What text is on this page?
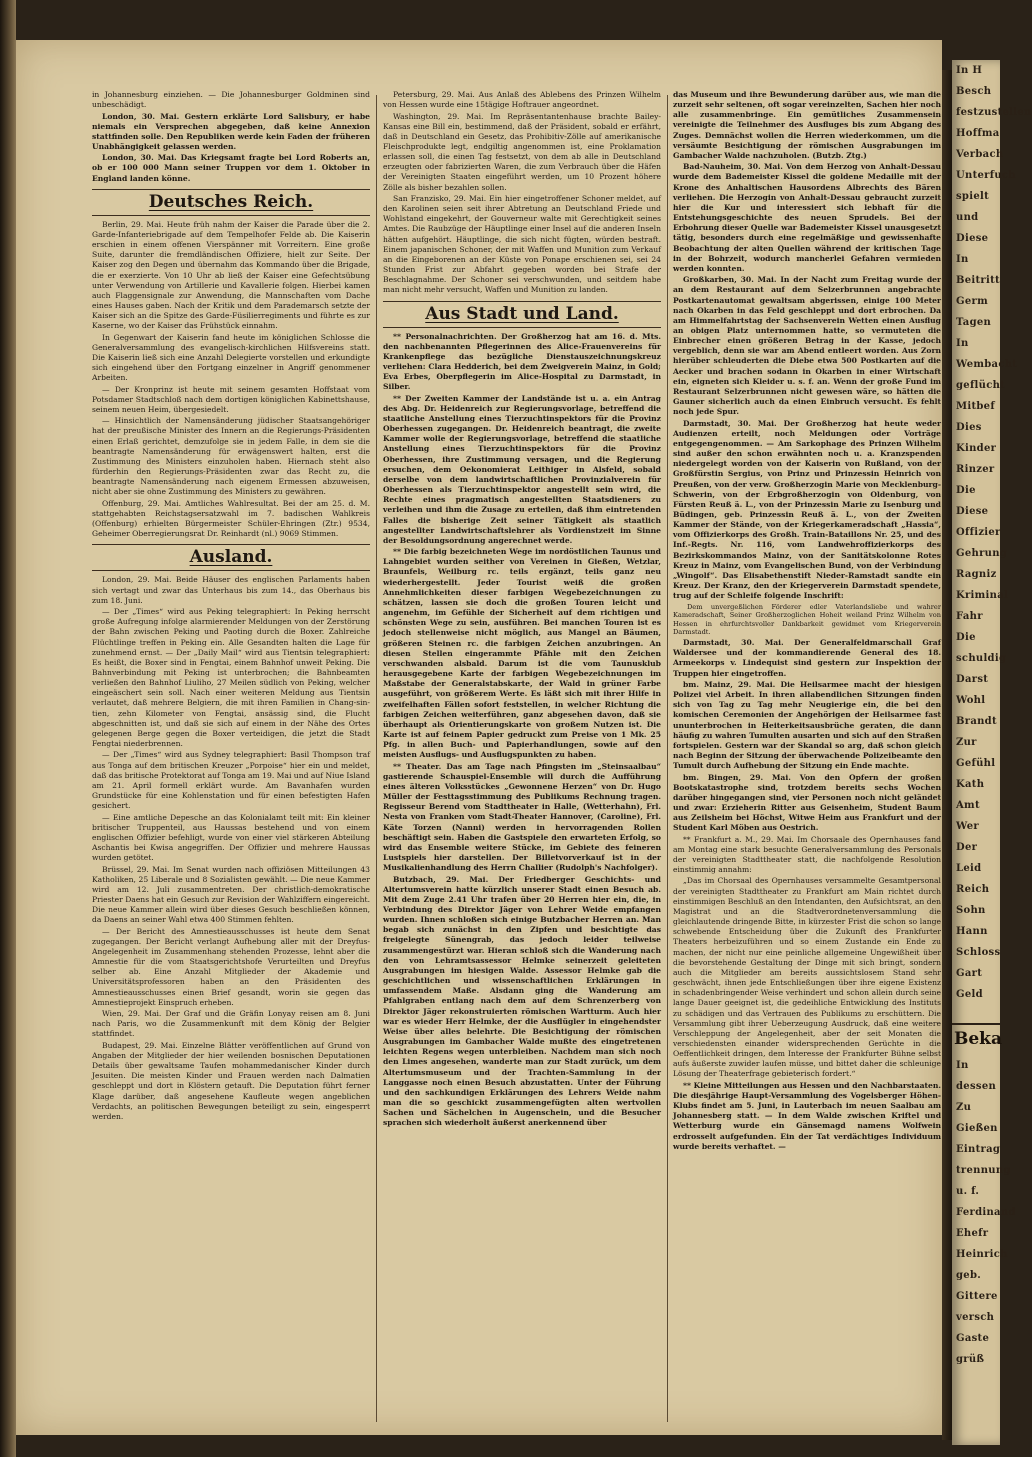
in Johannesburg einziehen. — Die Johannesburger Goldminen sind unbeschädigt.

London, 30. Mai. Gestern erklärte Lord Salisbury, er habe niemals ein Versprechen abgegeben, daß keine Annexion stattfinden solle. Den Republiken werde kein Faden der früheren Unabhängigkeit gelassen werden.

London, 30. Mai. Das Kriegsamt fragte bei Lord Roberts an, ob er 100 000 Mann seiner Truppen vor dem 1. Oktober in England landen könne.

Deutsches Reich.

Berlin, 29. Mai. Heute früh nahm der Kaiser die Parade über die 2. Garde-Infanteriebrigade auf dem Tempelhofer Felde ab. Die Kaiserin erschien in einem offenen Vierspänner mit Vorreitern. Eine große Suite, darunter die fremdländischen Offiziere, hielt zur Seite. Der Kaiser zog den Degen und übernahm das Kommando über die Brigade, die er exerzierte. Von 10 Uhr ab ließ der Kaiser eine Gefechtsübung unter Verwendung von Artillerie und Kavallerie folgen. Hierbei kamen auch Flaggensignale zur Anwendung, die Mannschaften vom Dache eines Hauses gaben. Nach der Kritik und dem Parademarsch setzte der Kaiser sich an die Spitze des Garde-Füsilierregiments und führte es zur Kaserne, wo der Kaiser das Frühstück einnahm.

In Gegenwart der Kaiserin fand heute im königlichen Schlosse die Generalversammlung des evangelisch-kirchlichen Hilfsvereins statt. Die Kaiserin ließ sich eine Anzahl Delegierte vorstellen und erkundigte sich eingehend über den Fortgang einzelner in Angriff genommener Arbeiten.

— Der Kronprinz ist heute mit seinem gesamten Hoffstaat vom Potsdamer Stadtschloß nach dem dortigen königlichen Kabinettshause, seinem neuen Heim, übergesiedelt.

— Hinsichtlich der Namensänderung jüdischer Staatsangehöriger hat der preußische Minister des Innern an die Regierungs-Präsidenten einen Erlaß gerichtet, demzufolge sie in jedem Falle, in dem sie die beantragte Namensänderung für erwägenswert halten, erst die Zustimmung des Ministers einzuholen haben. Hiernach steht also fürderhin den Regierungs-Präsidenten zwar das Recht zu, die beantragte Namensänderung nach eigenem Ermessen abzuweisen, nicht aber sie ohne Zustimmung des Ministers zu gewähren.

Offenburg, 29. Mai. Amtliches Wahlresultat. Bei der am 25. d. M. stattgehabten Reichstagsersatzwahl im 7. badischen Wahlkreis (Offenburg) erhielten Bürgermeister Schüler-Ehringen (Ztr.) 9534, Geheimer Oberregierungsrat Dr. Reinhardt (nl.) 9069 Stimmen.

Ausland.

London, 29. Mai. Beide Häuser des englischen Parlaments haben sich vertagt und zwar das Unterhaus bis zum 14., das Oberhaus bis zum 18. Juni.

— Der „Times“ wird aus Peking telegraphiert: In Peking herrscht große Aufregung infolge alarmierender Meldungen von der Zerstörung der Bahn zwischen Peking und Paoting durch die Boxer. Zahlreiche Flüchtlinge treffen in Peking ein. Alle Gesandten halten die Lage für zunehmend ernst. — Der „Daily Mail“ wird aus Tientsin telegraphiert: Es heißt, die Boxer sind in Fengtai, einem Bahnhof unweit Peking. Die Bahnverbindung mit Peking ist unterbrochen; die Bahnbeamten verließen den Bahnhof Liuliho, 27 Meilen südlich von Peking, welcher eingeäschert sein soll. Nach einer weiteren Meldung aus Tientsin verlautet, daß mehrere Belgiern, die mit ihren Familien in Chang-sin-tien, zehn Kilometer von Fengtai, ansässig sind, die Flucht abgeschnitten ist, und daß sie sich auf einem in der Nähe des Ortes gelegenen Berge gegen die Boxer verteidigen, die jetzt die Stadt Fengtai niederbrennen.

— Der „Times“ wird aus Sydney telegraphiert: Basil Thompson traf aus Tonga auf dem britischen Kreuzer „Porpoise“ hier ein und meldet, daß das britische Protektorat auf Tonga am 19. Mai und auf Niue Island am 21. April formell erklärt wurde. Am Bavanhafen wurden Grundstücke für eine Kohlenstation und für einen befestigten Hafen gesichert.

— Eine amtliche Depesche an das Kolonialamt teilt mit: Ein kleiner britischer Truppenteil, aus Haussas bestehend und von einem englischen Offizier befehligt, wurde von einer viel stärkeren Abteilung Aschantis bei Kwisa angegriffen. Der Offizier und mehrere Haussas wurden getötet.

Brüssel, 29. Mai. Im Senat wurden nach offiziösen Mitteilungen 43 Katholiken, 25 Liberale und 8 Sozialisten gewählt. — Die neue Kammer wird am 12. Juli zusammentreten. Der christlich-demokratische Priester Daens hat ein Gesuch zur Revision der Wahlziffern eingereicht. Die neue Kammer allein wird über dieses Gesuch beschließen können, da Daens an seiner Wahl etwa 400 Stimmen fehlten.

— Der Bericht des Amnestieausschusses ist heute dem Senat zugegangen. Der Bericht verlangt Aufhebung aller mit der Dreyfus-Angelegenheit im Zusammenhang stehenden Prozesse, lehnt aber die Amnestie für die vom Staatsgerichtshofe Verurteilten und Dreyfus selber ab. Eine Anzahl Mitglieder der Akademie und Universitätsprofessoren haben an den Präsidenten des Amnestieausschusses einen Brief gesandt, worin sie gegen das Amnestieprojekt Einspruch erheben.

Wien, 29. Mai. Der Graf und die Gräfin Lonyay reisen am 8. Juni nach Paris, wo die Zusammenkunft mit dem König der Belgier stattfindet.

Budapest, 29. Mai. Einzelne Blätter veröffentlichen auf Grund von Angaben der Mitglieder der hier weilenden bosnischen Deputationen Details über gewaltsame Taufen mohammedanischer Kinder durch Jesuiten. Die meisten Kinder und Frauen werden nach Dalmatien geschleppt und dort in Klöstern getauft. Die Deputation führt ferner Klage darüber, daß angesehene Kaufleute wegen angeblichen Verdachts, an politischen Bewegungen beteiligt zu sein, eingesperrt werden.

Petersburg, 29. Mai. Aus Anlaß des Ablebens des Prinzen Wilhelm von Hessen wurde eine 15tägige Hoftrauer angeordnet.

Washington, 29. Mai. Im Repräsentantenhause brachte Bailey-Kansas eine Bill ein, bestimmend, daß der Präsident, sobald er erfährt, daß in Deutschland ein Gesetz, das Prohibitiv-Zölle auf amerikanische Fleischprodukte legt, endgiltig angenommen ist, eine Proklamation erlassen soll, die einen Tag festsetzt, von dem ab alle in Deutschland erzeugten oder fabrizierten Waren, die zum Verbrauch über die Häfen der Vereinigten Staaten eingeführt werden, um 10 Prozent höhere Zölle als bisher bezahlen sollen.

San Franzisko, 29. Mai. Ein hier eingetroffener Schoner meldet, auf den Karolinen seien seit ihrer Abtretung an Deutschland Friede und Wohlstand eingekehrt, der Gouverneur walte mit Gerechtigkeit seines Amtes. Die Raubzüge der Häuptlinge einer Insel auf die anderen Inseln hätten aufgehört. Häuptlinge, die sich nicht fügten, würden bestraft. Einem japanischen Schoner, der mit Waffen und Munition zum Verkauf an die Eingeborenen an der Küste von Ponape erschienen sei, sei 24 Stunden Frist zur Abfahrt gegeben worden bei Strafe der Beschlagnahme. Der Schoner sei verschwunden, und seitdem habe man nicht mehr versucht, Waffen und Munition zu landen.

Aus Stadt und Land.

** Personalnachrichten. Der Großherzog hat am 16. d. Mts. den nachbenannten Pflegerinnen des Alice-Frauenvereins für Krankenpflege das bezügliche Dienstauszeichnungskreuz verliehen: Clara Hedderich, bei dem Zweigverein Mainz, in Gold; Eva Erbes, Oberpflegerin im Alice-Hospital zu Darmstadt, in Silber.

** Der Zweiten Kammer der Landstände ist u. a. ein Antrag des Abg. Dr. Heidenreich zur Regierungsvorlage, betreffend die staatliche Anstellung eines Tierzuchtinspektors für die Provinz Oberhessen zugegangen. Dr. Heidenreich beantragt, die zweite Kammer wolle der Regierungsvorlage, betreffend die staatliche Anstellung eines Tierzuchtinspektors für die Provinz Oberhessen, ihre Zustimmung versagen, und die Regierung ersuchen, dem Oekonomierat Leithiger in Alsfeld, sobald derselbe von dem landwirtschaftlichen Provinzialverein für Oberhessen als Tierzuchtinspektor angestellt sein wird, die Rechte eines pragmatisch angestellten Staatsdieners zu verleihen und ihm die Zusage zu erteilen, daß ihm eintretenden Falles die bisherige Zeit seiner Tätigkeit als staatlich angestellter Landwirtschaftslehrer als Vordienstzeit im Sinne der Besoldungsordnung angerechnet werde.

** Die farbig bezeichneten Wege im nordöstlichen Taunus und Lahngebiet wurden seither von Vereinen in Gießen, Wetzlar, Braunfels, Weilburg rc. teils ergänzt, teils ganz neu wiederhergestellt. Jeder Tourist weiß die großen Annehmlichkeiten dieser farbigen Wegebezeichnungen zu schätzen, lassen sie doch die großen Touren leicht und angenehm, im Gefühle der Sicherheit auf dem richtigen und schönsten Wege zu sein, ausführen. Bei manchen Touren ist es jedoch stellenweise nicht möglich, aus Mangel an Bäumen, größeren Steinen rc. die farbigen Zeichen anzubringen. An diesen Stellen eingerammte Pfähle mit den Zeichen verschwanden alsbald. Darum ist die vom Taunusklub herausgegebene Karte der farbigen Wegebezeichnungen im Maßstabe der Generalstabskarte, der Wald in grüner Farbe ausgeführt, von größerem Werte. Es läßt sich mit ihrer Hilfe in zweifelhaften Fällen sofort feststellen, in welcher Richtung die farbigen Zeichen weiterführen, ganz abgesehen davon, daß sie überhaupt als Orientierungskarte von großem Nutzen ist. Die Karte ist auf feinem Papier gedruckt zum Preise von 1 Mk. 25 Pfg. in allen Buch- und Papierhandlungen, sowie auf den meisten Ausflugs- und Ausflugspunkten zu haben.

** Theater. Das am Tage nach Pfingsten im „Steinsaalbau“ gastierende Schauspiel-Ensemble will durch die Aufführung eines älteren Volksstückes „Gewonnene Herzen“ von Dr. Hugo Müller der Festtagsstimmung des Publikums Rechnung tragen. Regisseur Berend vom Stadttheater in Halle, (Wetterhahn), Frl. Nesta von Franken vom Stadt-Theater Hannover, (Caroline), Frl. Käte Torzen (Nanni) werden in hervorragenden Rollen beschäftigt sein. Haben die Gastspiele den erwarteten Erfolg, so wird das Ensemble weitere Stücke, im Gebiete des feineren Lustspiels hier darstellen. Der Billetvorverkauf ist in der Musikalienhandlung des Herrn Challier (Rudolph's Nachfolger).

Butzbach, 29. Mai. Der Friedberger Geschichts- und Altertumsverein hatte kürzlich unserer Stadt einen Besuch ab. Mit dem Zuge 2.41 Uhr trafen über 20 Herren hier ein, die, in Verbindung des Direktor Jäger von Lehrer Weide empfangen wurden. Ihnen schloßen sich einige Butzbacher Herren an. Man begab sich zunächst in den Zipfen und besichtigte das freigelegte Sünengrab, das jedoch leider teilweise zusammengestürzt war. Hieran schloß sich die Wanderung nach den von Lehramtsassessor Helmke seinerzeit geleiteten Ausgrabungen im hiesigen Walde. Assessor Helmke gab die geschichtlichen und wissenschaftlichen Erklärungen in umfassendem Maße. Alsdann ging die Wanderung am Pfahlgraben entlang nach dem auf dem Schrenzerberg von Direktor Jäger rekonstruierten römischen Wartturm. Auch hier war es wieder Herr Helmke, der die Ausflügler in eingehendster Weise über alles belehrte. Die Besichtigung der römischen Ausgrabungen im Gambacher Walde mußte des eingetretenen leichten Regens wegen unterbleiben. Nachdem man sich noch den Limes angesehen, wanderte man zur Stadt zurück, um dem Altertumsmuseum und der Trachten-Sammlung in der Langgasse noch einen Besuch abzustatten. Unter der Führung und den sachkundigen Erklärungen des Lehrers Weide nahm man die so geschickt zusammengefügten alten wertvollen Sachen und Sächelchen in Augenschein, und die Besucher sprachen sich wiederholt äußerst anerkennend über

das Museum und ihre Bewunderung darüber aus, wie man die zurzeit sehr seltenen, oft sogar vereinzelten, Sachen hier noch alle zusammenbringe. Ein gemütliches Zusammensein vereinigte die Teilnehmer des Ausfluges bis zum Abgang des Zuges. Demnächst wollen die Herren wiederkommen, um die versäumte Besichtigung der römischen Ausgrabungen im Gambacher Walde nachzuholen. (Butzb. Ztg.)

Bad-Nauheim, 30. Mai. Von dem Herzog von Anhalt-Dessau wurde dem Bademeister Kissel die goldene Medaille mit der Krone des Anhaltischen Hausordens Albrechts des Bären verliehen. Die Herzogin von Anhalt-Dessau gebraucht zurzeit hier die Kur und interessiert sich lebhaft für die Entstehungsgeschichte des neuen Sprudels. Bei der Erbohrung dieser Quelle war Bademeister Kissel unausgesetzt tätig, besonders durch eine regelmäßige und gewissenhafte Beobachtung der alten Quellen während der kritischen Tage in der Bohrzeit, wodurch mancherlei Gefahren vermieden werden konnten.

Großkarben, 30. Mai. In der Nacht zum Freitag wurde der an dem Restaurant auf dem Selzerbrunnen angebrachte Postkartenautomat gewaltsam abgerissen, einige 100 Meter nach Okarben in das Feld geschleppt und dort erbrochen. Da am Himmelfahrtstag der Sachsenverein Wetten einen Ausflug an obigen Platz unternommen hatte, so vermuteten die Einbrecher einen größeren Betrag in der Kasse, jedoch vergeblich, denn sie war am Abend entleert worden. Aus Zorn hierüber schleuderten die Diebe etwa 500 Postkarten auf die Aecker und brachen sodann in Okarben in einer Wirtschaft ein, eigneten sich Kleider u. s. f. an. Wenn der große Fund im Restaurant Selzerbrunnen nicht gewesen wäre, so hätten die Gauner sicherlich auch da einen Einbruch versucht. Es fehlt noch jede Spur.

Darmstadt, 30. Mai. Der Großherzog hat heute weder Audienzen erteilt, noch Meldungen oder Vorträge entgegengenommen. — Am Sarkophage des Prinzen Wilhelm sind außer den schon erwähnten noch u. a. Kranzspenden niedergelegt worden von der Kaiserin von Rußland, von der Großfürstin Sergius, von Prinz und Prinzessin Heinrich von Preußen, von der verw. Großherzogin Marie von Mecklenburg-Schwerin, von der Erbgroßherzogin von Oldenburg, von Fürsten Reuß ä. L., von der Prinzessin Marie zu Isenburg und Büdingen, geb. Prinzessin Reuß ä. L., von der Zweiten Kammer der Stände, von der Kriegerkameradschaft „Hassia“, vom Offizierkorps des Großh. Train-Bataillons Nr. 25, und des Inf.-Regts. Nr. 116, vom Landwehroffizierkorps des Bezirkskommandos Mainz, von der Sanitätskolonne Rotes Kreuz in Mainz, vom Evangelischen Bund, von der Verbindung „Wingolf“. Das Elisabethenstift Nieder-Ramstadt sandte ein Kreuz. Der Kranz, den der Kriegerverein Darmstadt spendete, trug auf der Schleife folgende Inschrift:

Dem unvergeßlichen Förderer edler Vaterlandsliebe und wahrer Kameradschaft, Seiner Großherzoglichen Hoheit weiland Prinz Wilhelm von Hessen in ehrfurchtsvoller Dankbarkeit gewidmet vom Kriegerverein Darmstadt.

Darmstadt, 30. Mai. Der Generalfeldmarschall Graf Waldersee und der kommandierende General des 18. Armeekorps v. Lindequist sind gestern zur Inspektion der Truppen hier eingetroffen.

bm. Mainz, 29. Mai. Die Heilsarmee macht der hiesigen Polizei viel Arbeit. In ihren allabendlichen Sitzungen finden sich von Tag zu Tag mehr Neugierige ein, die bei den komischen Ceremonien der Angehörigen der Heilsarmee fast ununterbrochen in Heiterkeitsausbrüche geraten, die dann häufig zu wahren Tumulten ausarten und sich auf den Straßen fortspielen. Gestern war der Skandal so arg, daß schon gleich nach Beginn der Sitzung der überwachende Polizeibeamte den Tumult durch Aufhebung der Sitzung ein Ende machte.

bm. Bingen, 29. Mai. Von den Opfern der großen Bootskatastrophe sind, trotzdem bereits sechs Wochen darüber hingegangen sind, vier Personen noch nicht geländet und zwar: Erzieherin Ritter aus Geisenheim, Student Baum aus Zeilsheim bei Höchst, Witwe Heim aus Frankfurt und der Student Karl Möben aus Oestrich.

** Frankfurt a. M., 29. Mai. Im Chorsaale des Opernhauses fand am Montag eine stark besuchte Generalversammlung des Personals der vereinigten Stadttheater statt, die nachfolgende Resolution einstimmig annahm:

„Das im Chorsaal des Opernhauses versammelte Gesamtpersonal der vereinigten Stadttheater zu Frankfurt am Main richtet durch einstimmigen Beschluß an den Intendanten, den Aufsichtsrat, an den Magistrat und an die Stadtverordnetenversammlung die gleichlautende dringende Bitte, in kürzester Frist die schon so lange schwebende Entscheidung über die Zukunft des Frankfurter Theaters herbeizuführen und so einem Zustande ein Ende zu machen, der nicht nur eine peinliche allgemeine Ungewißheit über die bevorstehende Gestaltung der Dinge mit sich bringt, sondern auch die Mitglieder am bereits aussichtslosem Stand sehr geschwächt, ihnen jede Entschließungen über ihre eigene Existenz in schadenbringender Weise verhindert und schon allein durch seine lange Dauer geeignet ist, die gedeihliche Entwicklung des Instituts zu schädigen und das Vertrauen des Publikums zu erschüttern. Die Versammlung gibt ihrer Ueberzeugung Ausdruck, daß eine weitere Verschleppung der Angelegenheit, aber der seit Monaten die verschiedensten einander widersprechenden Gerüchte in die Oeffentlichkeit dringen, dem Interesse der Frankfurter Bühne selbst aufs äußerste zuwider laufen müsse, und bittet daher die schleunige Lösung der Theaterfrage gebieterisch fordert.“

** Kleine Mitteilungen aus Hessen und den Nachbarstaaten. Die diesjährige Haupt-Versammlung des Vogelsberger Höhen-Klubs findet am 5. Juni, in Lauterbach im neuen Saalbau am Johannesberg statt. — In dem Walde zwischen Kriftel und Wetterburg wurde ein Gänsemagd namens Wolfwein erdrosselt aufgefunden. Ein der Tat verdächtiges Individuum wurde bereits verhaftet. —

In H
Besch
festzustellen
Hoffma
Verbach
Unterfuch
spielt
und
Diese
In
Beitritt
Germ
Tagen
In
Wembacht
geflücht
Mitbef
Dies
Kinder
Rinzer
Die
Diese
Offizier
Gehrung
Ragniz
Kriminal
Fahr
Die
schuldig
Darst
Wohl
Brandt
Zur
Gefühl
Kath
Amt
Wer
Der
Leid
Reich
Sohn
Hann
Schloss
Gart
Geld
Beka
In
dessen
Zu
Gießen
Eintrag
trennung
u. f.
Ferdinand
Ehefr
Heinrich
geb.
Gittere
versch
Gaste
grüß
